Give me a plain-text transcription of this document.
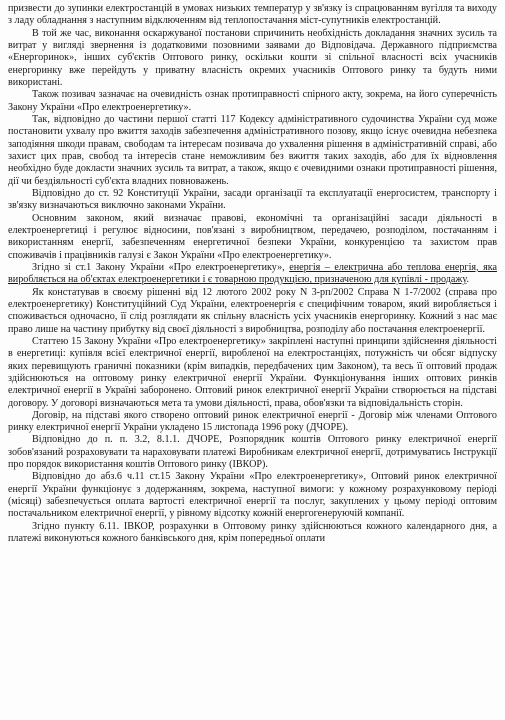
призвести до зупинки електростанцій в умовах низьких температур у зв'язку із спрацюванням вугілля та виходу з ладу обладнання з наступним відключенням від теплопостачання міст-супутників електростанцій.

В той же час, виконання оскаржуваної постанови спричинить необхідність докладання значних зусиль та витрат у вигляді звернення із додатковими позовними заявами до Відповідача. Державного підприємства «Енергоринок», інших суб'єктів Оптового ринку, оскільки кошти зі спільної власності всіх учасників енергоринку вже перейдуть у приватну власність окремих учасників Оптового ринку та будуть ними використані.

Також позивач зазначає на очевидність ознак протиправності спірного акту, зокрема, на його суперечність Закону України «Про електроенергетику».

Так, відповідно до частини першої статті 117 Кодексу адміністративного судочинства України суд може постановити ухвалу про вжиття заходів забезпечення адміністративного позову, якщо існує очевидна небезпека заподіяння шкоди правам, свободам та інтересам позивача до ухвалення рішення в адміністративній справі, або захист цих прав, свобод та інтересів стане неможливим без вжиття таких заходів, або для їх відновлення необхідно буде докласти значних зусиль та витрат, а також, якщо є очевидними ознаки протиправності рішення, дії чи бездіяльності суб'єкта владних повноважень.

Відповідно до ст. 92 Конституції України, засади організації та експлуатації енергосистем, транспорту і зв'язку визначаються виключно законами України.

Основним законом, який визначає правові, економічні та організаційні засади діяльності в електроенергетиці і регулює відносини, пов'язані з виробництвом, передачею, розподілом, постачанням і використанням енергії, забезпеченням енергетичної безпеки України, конкуренцією та захистом прав споживачів і працівників галузі є Закон України «Про електроенергетику».

Згідно зі ст.1 Закону України «Про електроенергетику», енергія – електрична або теплова енергія, яка виробляється на об'єктах електроенергетики і є товарною продукцією, призначеною для купівлі - продажу.

Як констатував в своєму рішенні від 12 лютого 2002 року N 3-рп/2002 Справа N 1-7/2002 (справа про електроенергетику) Конституційний Суд України, електроенергія є специфічним товаром, який виробляється і споживається одночасно, її слід розглядати як спільну власність усіх учасників енергоринку. Кожний з нас має право лише на частину прибутку від своєї діяльності з виробництва, розподілу або постачання електроенергії.

Статтею 15 Закону України «Про електроенергетику» закріплені наступні принципи здійснення діяльності в енергетиці: купівля всієї електричної енергії, виробленої на електростанціях, потужність чи обсяг відпуску яких перевищують граничні показники (крім випадків, передбачених цим Законом), та весь її оптовий продаж здійснюються на оптовому ринку електричної енергії України. Функціонування інших оптових ринків електричної енергії в Україні заборонено. Оптовий ринок електричної енергії України створюється на підставі договору. У договорі визначаються мета та умови діяльності, права, обов'язки та відповідальність сторін.

Договір, на підставі якого створено оптовий ринок електричної енергії - Договір між членами Оптового ринку електричної енергії України укладено 15 листопада 1996 року (ДЧОРЕ).

Відповідно до п. п. 3.2, 8.1.1. ДЧОРЕ, Розпорядник коштів Оптового ринку електричної енергії зобов'язаний розраховувати та нараховувати платежі Виробникам електричної енергії, дотримуватись Інструкції про порядок використання коштів Оптового ринку (ІВКОР).

Відповідно до абз.6 ч.11 ст.15 Закону України «Про електроенергетику», Оптовий ринок електричної енергії України функціонує з додержанням, зокрема, наступної вимоги: у кожному розрахунковому періоді (місяці) забезпечується оплата вартості електричної енергії та послуг, закуплених у цьому періоді оптовим постачальником електричної енергії, у рівному відсотку кожній енергогенеруючій компанії.

Згідно пункту 6.11. ІВКОР, розрахунки в Оптовому ринку здійснюються кожного календарного дня, а платежі виконуються кожного банківського дня, крім попередньої оплати
